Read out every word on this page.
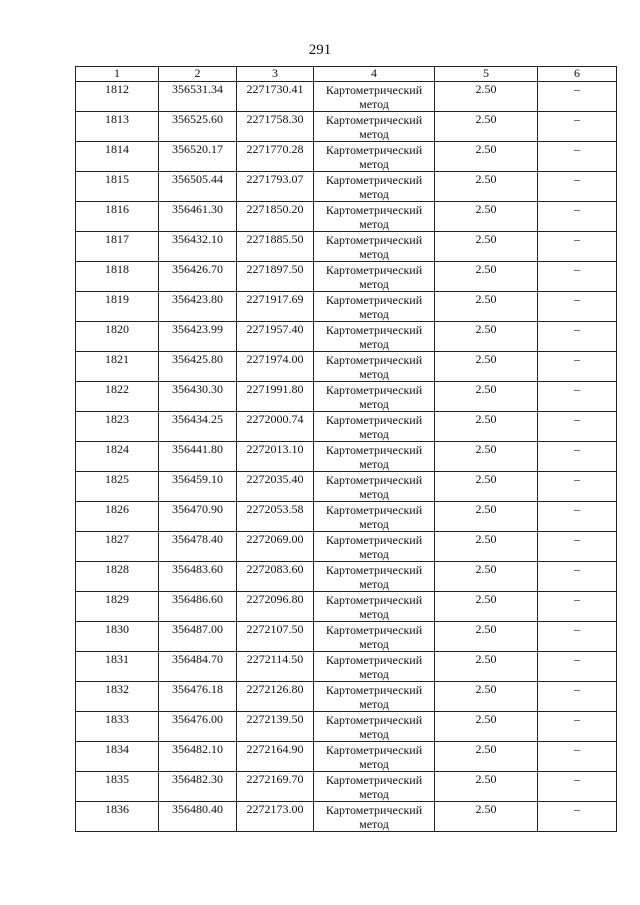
291
1	2	3	4	5	6

1812	356531.34	2271730.41	Картометрический метод	2.50	–

1813	356525.60	2271758.30	Картометрический метод	2.50	–

1814	356520.17	2271770.28	Картометрический метод	2.50	–

1815	356505.44	2271793.07	Картометрический метод	2.50	–

1816	356461.30	2271850.20	Картометрический метод	2.50	–

1817	356432.10	2271885.50	Картометрический метод	2.50	–

1818	356426.70	2271897.50	Картометрический метод	2.50	–

1819	356423.80	2271917.69	Картометрический метод	2.50	–

1820	356423.99	2271957.40	Картометрический метод	2.50	–

1821	356425.80	2271974.00	Картометрический метод	2.50	–

1822	356430.30	2271991.80	Картометрический метод	2.50	–

1823	356434.25	2272000.74	Картометрический метод	2.50	–

1824	356441.80	2272013.10	Картометрический метод	2.50	–

1825	356459.10	2272035.40	Картометрический метод	2.50	–

1826	356470.90	2272053.58	Картометрический метод	2.50	–

1827	356478.40	2272069.00	Картометрический метод	2.50	–

1828	356483.60	2272083.60	Картометрический метод	2.50	–

1829	356486.60	2272096.80	Картометрический метод	2.50	–

1830	356487.00	2272107.50	Картометрический метод	2.50	–

1831	356484.70	2272114.50	Картометрический метод	2.50	–

1832	356476.18	2272126.80	Картометрический метод	2.50	–

1833	356476.00	2272139.50	Картометрический метод	2.50	–

1834	356482.10	2272164.90	Картометрический метод	2.50	–

1835	356482.30	2272169.70	Картометрический метод	2.50	–

1836	356480.40	2272173.00	Картометрический метод	2.50	–
